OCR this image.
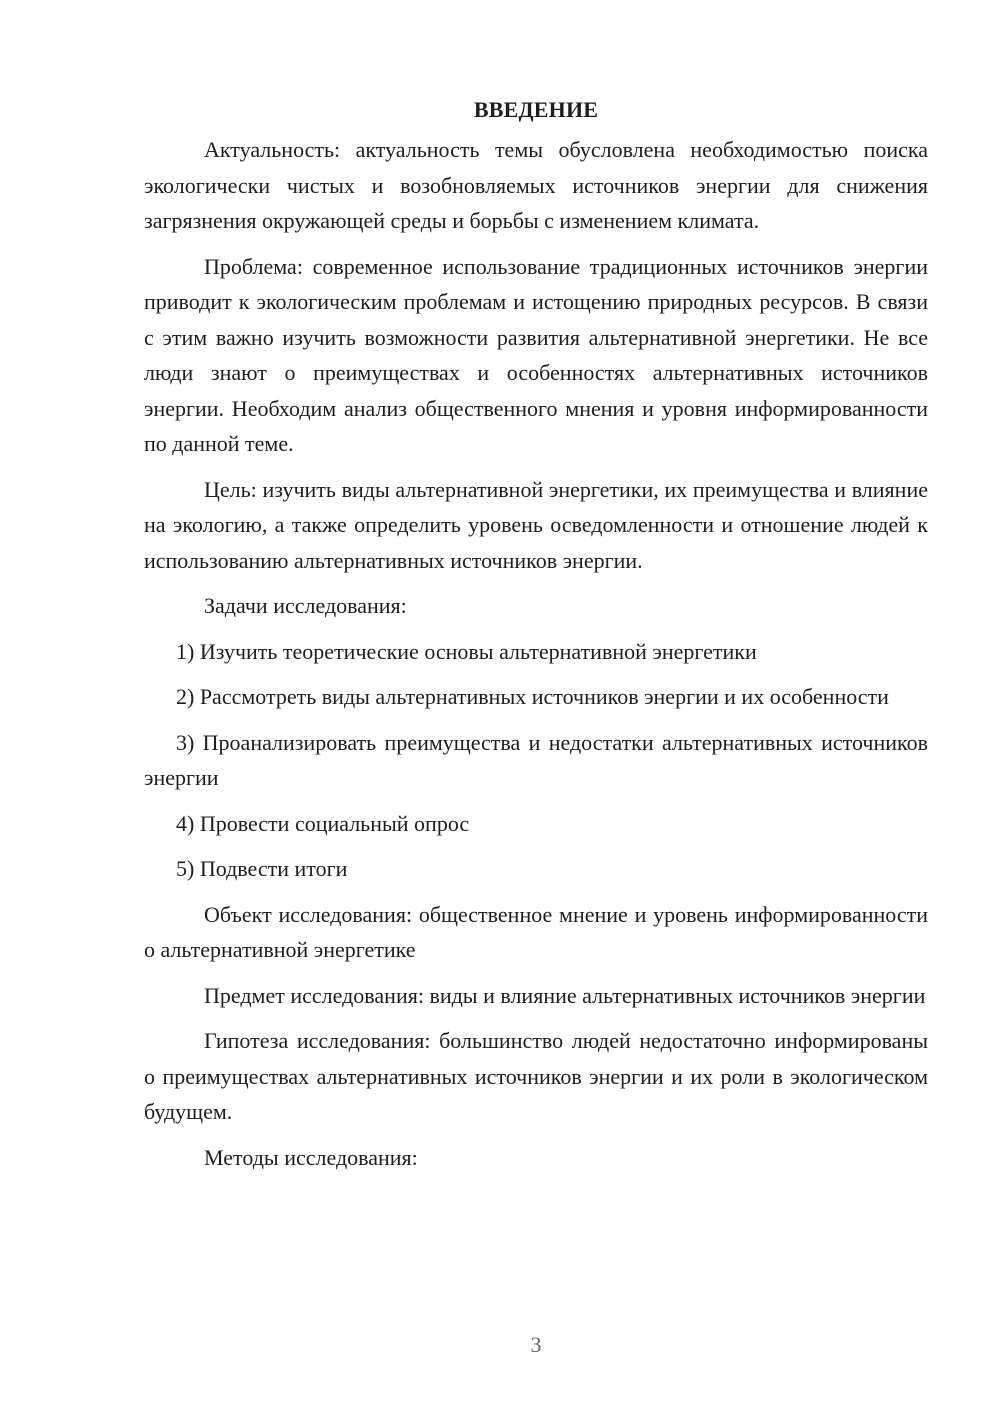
ВВЕДЕНИЕ

Актуальность: актуальность темы обусловлена необходимостью поиска экологически чистых и возобновляемых источников энергии для снижения загрязнения окружающей среды и борьбы с изменением климата.

Проблема: современное использование традиционных источников энергии приводит к экологическим проблемам и истощению природных ресурсов. В связи с этим важно изучить возможности развития альтернативной энергетики. Не все люди знают о преимуществах и особенностях альтернативных источников энергии. Необходим анализ общественного мнения и уровня информированности по данной теме.

Цель: изучить виды альтернативной энергетики, их преимущества и влияние на экологию, а также определить уровень осведомленности и отношение людей к использованию альтернативных источников энергии.

Задачи исследования:

1) Изучить теоретические основы альтернативной энергетики

2) Рассмотреть виды альтернативных источников энергии и их особенности

3) Проанализировать преимущества и недостатки альтернативных источников энергии

4) Провести социальный опрос

5) Подвести итоги

Объект исследования: общественное мнение и уровень информированности о альтернативной энергетике

Предмет исследования: виды и влияние альтернативных источников энергии

Гипотеза исследования: большинство людей недостаточно информированы о преимуществах альтернативных источников энергии и их роли в экологическом будущем.

Методы исследования:

3
